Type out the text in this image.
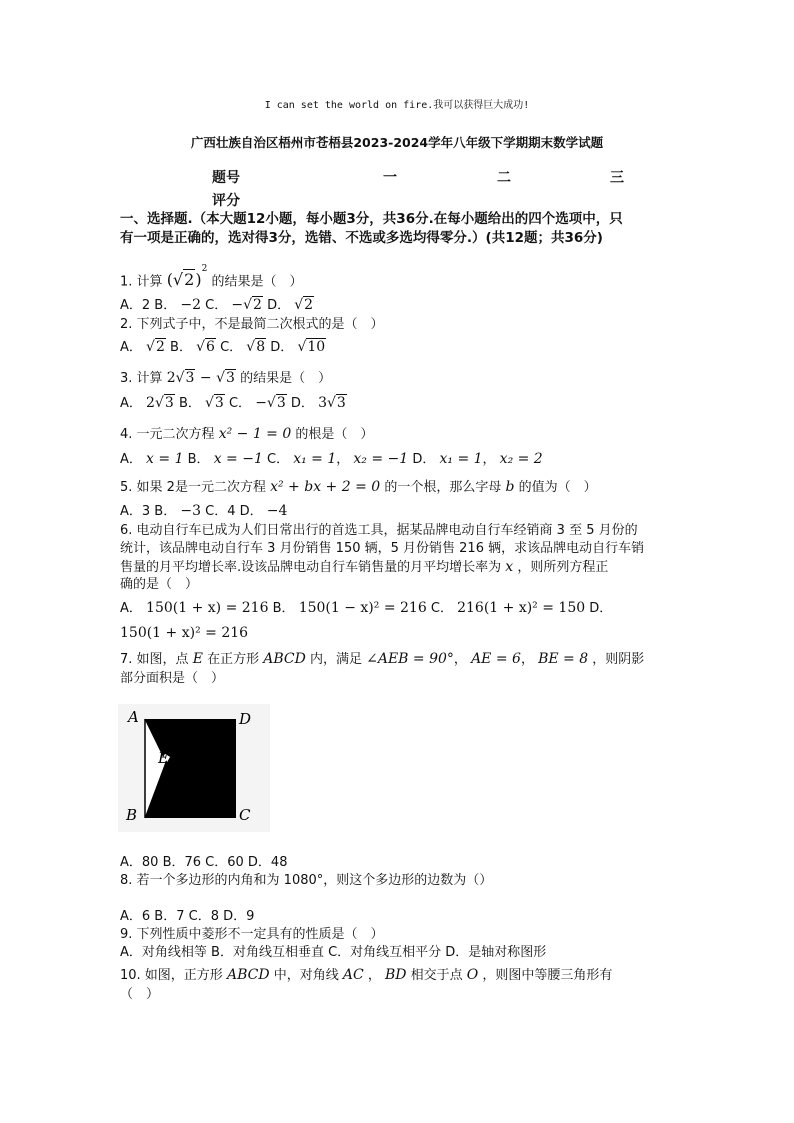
I can set the world on fire.我可以获得巨大成功!
广西壮族自治区梧州市苍梧县2023-2024学年八年级下学期期末数学试题
题号	一	二	三
评分
一、选择题.（本大题12小题，每小题3分，共36分.在每小题给出的四个选项中，只
有一项是正确的，选对得3分，选错、不选或多选均得零分.）(共12题；共36分)
1. 计算 $(√2)^2$ 的结果是（　）
A．2 B． −2 C． −√2 D． √2
2. 下列式子中，不是最简二次根式的是（　）
A． √2 B． √6 C． √8 D． √10
3. 计算 2√3 − √3 的结果是（　）
A． 2√3 B． √3 C． −√3 D． 3√3
4. 一元二次方程 x² − 1 = 0 的根是（　）
A． x = 1 B． x = −1 C． x₁ = 1， x₂ = −1 D． x₁ = 1， x₂ = 2
5. 如果 2是一元二次方程 x² + bx + 2 = 0 的一个根，那么字母 b 的值为（　）
A．3 B． −3 C．4 D． −4
6. 电动自行车已成为人们日常出行的首选工具，据某品牌电动自行车经销商 3 至 5 月份的
统计，该品牌电动自行车 3 月份销售 150 辆，5 月份销售 216 辆，求该品牌电动自行车销
售量的月平均增长率.设该品牌电动自行车销售量的月平均增长率为 x ，则所列方程正
确的是（　）
A． 150(1 + x) = 216 B． 150(1 − x)² = 216 C． 216(1 + x)² = 150 D．
150(1 + x)² = 216
7. 如图，点 E 在正方形 ABCD 内，满足 ∠AEB = 90°， AE = 6， BE = 8 ，则阴影
部分面积是（　）
A	D
E
B	C
A．80 B．76 C．60 D．48
8. 若一个多边形的内角和为 1080°，则这个多边形的边数为（）
A．6 B．7 C．8 D．9
9. 下列性质中菱形不一定具有的性质是（　）
A．对角线相等 B．对角线互相垂直 C．对角线互相平分 D．是轴对称图形
10. 如图，正方形 ABCD 中，对角线 AC ， BD 相交于点 O ，则图中等腰三角形有
（　）
